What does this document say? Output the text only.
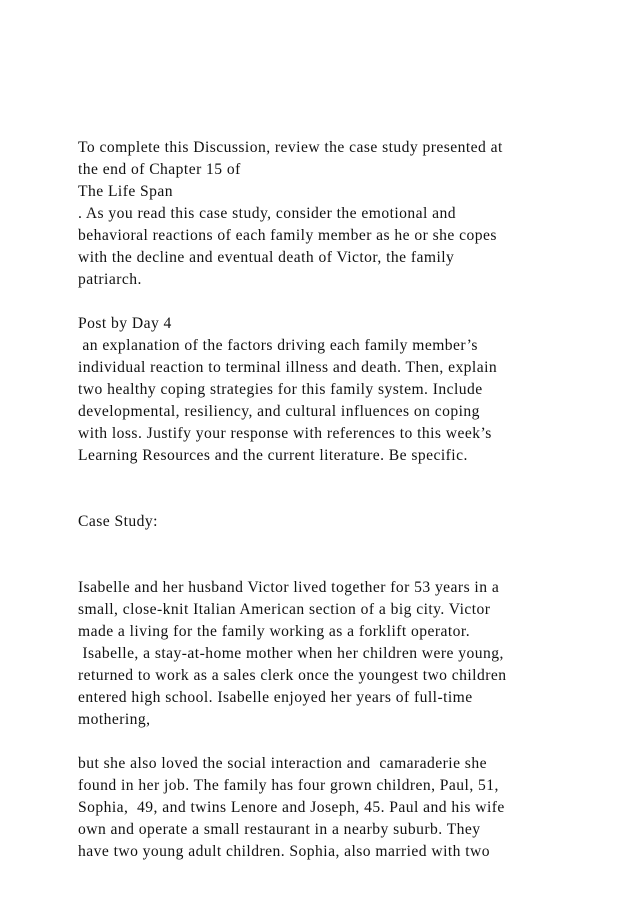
To complete this Discussion, review the case study presented at
the end of Chapter 15 of
The Life Span
. As you read this case study, consider the emotional and
behavioral reactions of each family member as he or she copes
with the decline and eventual death of Victor, the family
patriarch.
Post by Day 4
an explanation of the factors driving each family member’s
individual reaction to terminal illness and death. Then, explain
two healthy coping strategies for this family system. Include
developmental, resiliency, and cultural influences on coping
with loss. Justify your response with references to this week’s
Learning Resources and the current literature. Be specific.
Case Study:
Isabelle and her husband Victor lived together for 53 years in a
small, close-knit Italian American section of a big city. Victor
made a living for the family working as a forklift operator.
Isabelle, a stay-at-home mother when her children were young,
returned to work as a sales clerk once the youngest two children
entered high school. Isabelle enjoyed her years of full-time
mothering,
but she also loved the social interaction and  camaraderie she
found in her job. The family has four grown children, Paul, 51,
Sophia,  49, and twins Lenore and Joseph, 45. Paul and his wife
own and operate a small restaurant in a nearby suburb. They
have two young adult children. Sophia, also married with two
